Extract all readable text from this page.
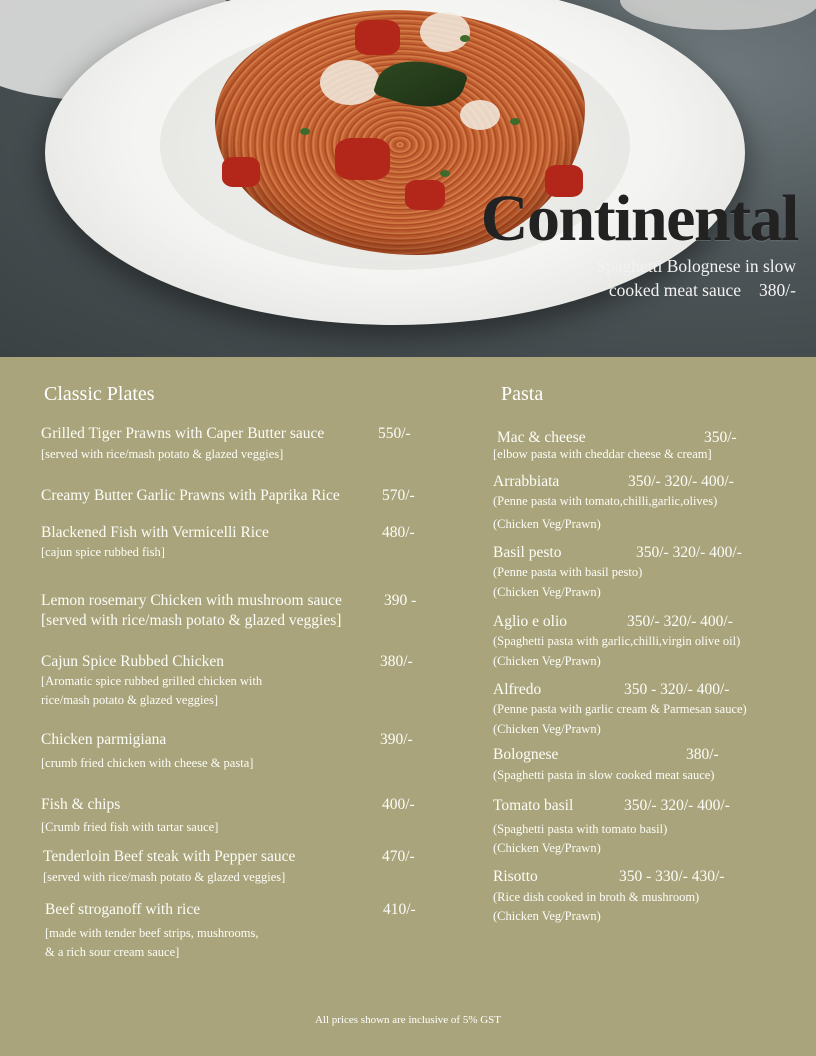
Continental
Spaghetti Bolognese in slow
cooked meat sauce 380/-
Classic Plates
Grilled Tiger Prawns with Caper Butter sauce	550/-
[served with rice/mash potato & glazed veggies]
Creamy Butter Garlic Prawns with Paprika Rice	570/-
Blackened Fish with Vermicelli Rice	480/-
[cajun spice rubbed fish]
Lemon rosemary Chicken with mushroom sauce	390 -
[served with rice/mash potato & glazed veggies]
Cajun Spice Rubbed Chicken	380/-
[Aromatic spice rubbed grilled chicken with
rice/mash potato & glazed veggies]
Chicken parmigiana	390/-
[crumb fried chicken with cheese & pasta]
Fish & chips	400/-
[Crumb fried fish with tartar sauce]
Tenderloin Beef steak with Pepper sauce	470/-
[served with rice/mash potato & glazed veggies]
Beef stroganoff with rice	410/-
[made with tender beef strips, mushrooms,
& a rich sour cream sauce]
Pasta
Mac & cheese	350/-
[elbow pasta with cheddar cheese & cream]
Arrabbiata	350/- 320/- 400/-
(Penne pasta with tomato,chilli,garlic,olives)
(Chicken Veg/Prawn)
Basil pesto	350/- 320/- 400/-
(Penne pasta with basil pesto)
(Chicken Veg/Prawn)
Aglio e olio	350/- 320/- 400/-
(Spaghetti pasta with garlic,chilli,virgin olive oil)
(Chicken Veg/Prawn)
Alfredo	350 - 320/- 400/-
(Penne pasta with garlic cream & Parmesan sauce)
(Chicken Veg/Prawn)
Bolognese	380/-
(Spaghetti pasta in slow cooked meat sauce)
Tomato basil	350/- 320/- 400/-
(Spaghetti pasta with tomato basil)
(Chicken Veg/Prawn)
Risotto	350 - 330/- 430/-
(Rice dish cooked in broth & mushroom)
(Chicken Veg/Prawn)
All prices shown are inclusive of 5% GST
